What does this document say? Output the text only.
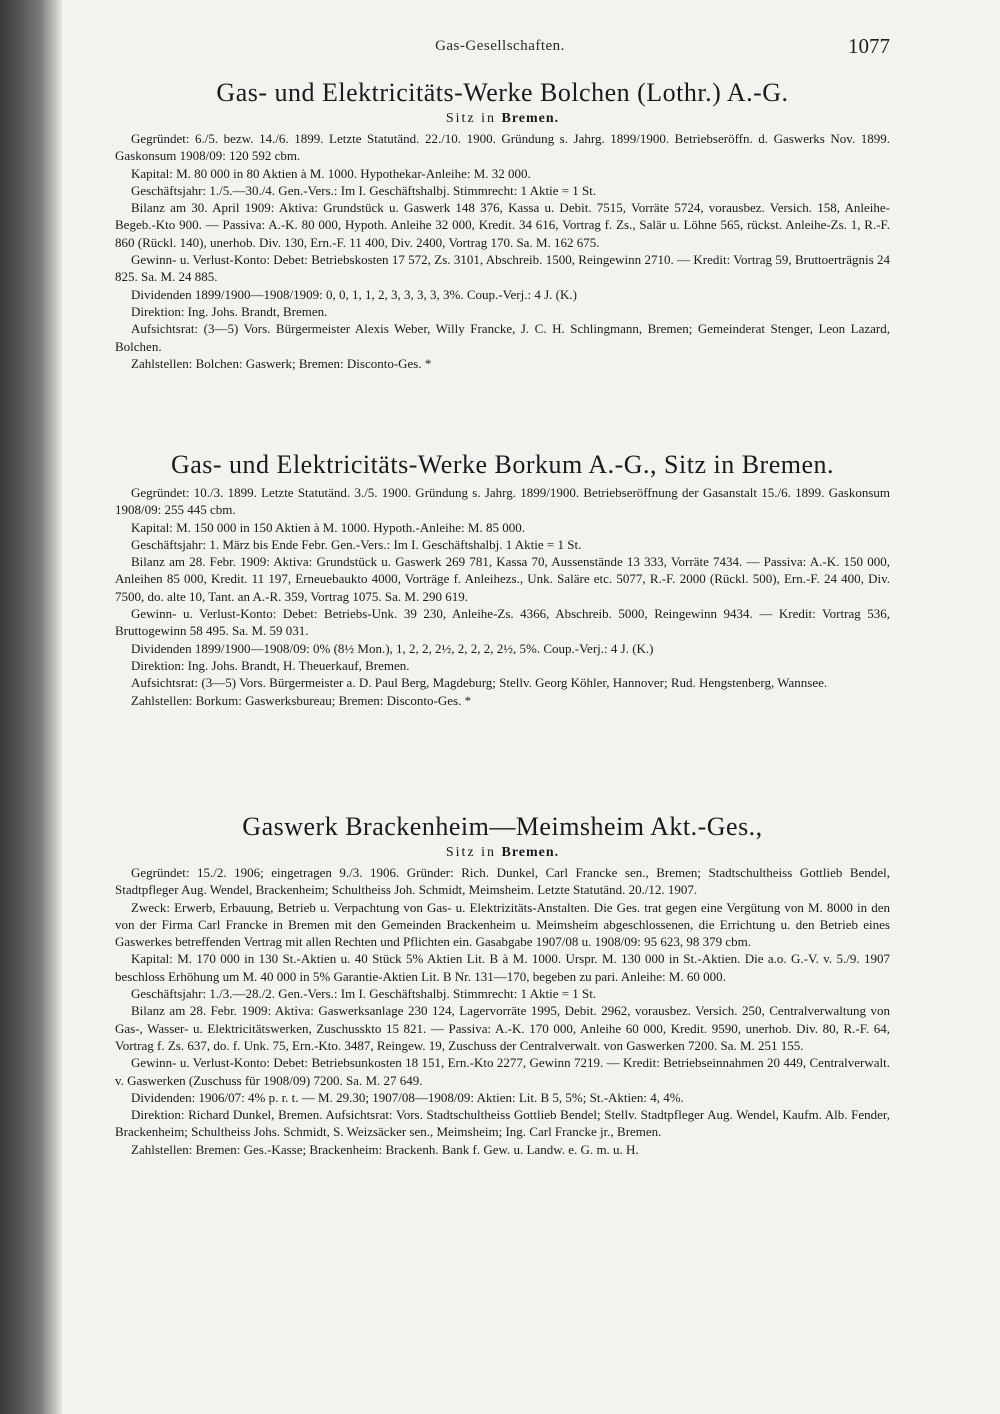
Gas-Gesellschaften.	1077
Gas- und Elektricitäts-Werke Bolchen (Lothr.) A.-G.
Sitz in Bremen.

Gegründet: 6./5. bezw. 14./6. 1899. Letzte Statutänd. 22./10. 1900. Gründung s. Jahrg. 1899/1900. Betriebseröffn. d. Gaswerks Nov. 1899. Gaskonsum 1908/09: 120 592 cbm.

Kapital: M. 80 000 in 80 Aktien à M. 1000. Hypothekar-Anleihe: M. 32 000.

Geschäftsjahr: 1./5.—30./4. Gen.-Vers.: Im I. Geschäftshalbj. Stimmrecht: 1 Aktie = 1 St.

Bilanz am 30. April 1909: Aktiva: Grundstück u. Gaswerk 148 376, Kassa u. Debit. 7515, Vorräte 5724, vorausbez. Versich. 158, Anleihe-Begeb.-Kto 900. — Passiva: A.-K. 80 000, Hypoth. Anleihe 32 000, Kredit. 34 616, Vortrag f. Zs., Salär u. Löhne 565, rückst. Anleihe-Zs. 1, R.-F. 860 (Rückl. 140), unerhob. Div. 130, Ern.-F. 11 400, Div. 2400, Vortrag 170. Sa. M. 162 675.

Gewinn- u. Verlust-Konto: Debet: Betriebskosten 17 572, Zs. 3101, Abschreib. 1500, Reingewinn 2710. — Kredit: Vortrag 59, Bruttoerträgnis 24 825. Sa. M. 24 885.

Dividenden 1899/1900—1908/1909: 0, 0, 1, 1, 2, 3, 3, 3, 3, 3%. Coup.-Verj.: 4 J. (K.)

Direktion: Ing. Johs. Brandt, Bremen.

Aufsichtsrat: (3—5) Vors. Bürgermeister Alexis Weber, Willy Francke, J. C. H. Schlingmann, Bremen; Gemeinderat Stenger, Leon Lazard, Bolchen.

Zahlstellen: Bolchen: Gaswerk; Bremen: Disconto-Ges. *

Gas- und Elektricitäts-Werke Borkum A.-G., Sitz in Bremen.

Gegründet: 10./3. 1899. Letzte Statutänd. 3./5. 1900. Gründung s. Jahrg. 1899/1900. Betriebseröffnung der Gasanstalt 15./6. 1899. Gaskonsum 1908/09: 255 445 cbm.

Kapital: M. 150 000 in 150 Aktien à M. 1000. Hypoth.-Anleihe: M. 85 000.

Geschäftsjahr: 1. März bis Ende Febr. Gen.-Vers.: Im I. Geschäftshalbj. 1 Aktie = 1 St.

Bilanz am 28. Febr. 1909: Aktiva: Grundstück u. Gaswerk 269 781, Kassa 70, Aussenstände 13 333, Vorräte 7434. — Passiva: A.-K. 150 000, Anleihen 85 000, Kredit. 11 197, Erneuebaukto 4000, Vorträge f. Anleihezs., Unk. Saläre etc. 5077, R.-F. 2000 (Rückl. 500), Ern.-F. 24 400, Div. 7500, do. alte 10, Tant. an A.-R. 359, Vortrag 1075. Sa. M. 290 619.

Gewinn- u. Verlust-Konto: Debet: Betriebs-Unk. 39 230, Anleihe-Zs. 4366, Abschreib. 5000, Reingewinn 9434. — Kredit: Vortrag 536, Bruttogewinn 58 495. Sa. M. 59 031.

Dividenden 1899/1900—1908/09: 0% (8½ Mon.), 1, 2, 2, 2½, 2, 2, 2, 2½, 5%. Coup.-Verj.: 4 J. (K.)

Direktion: Ing. Johs. Brandt, H. Theuerkauf, Bremen.

Aufsichtsrat: (3—5) Vors. Bürgermeister a. D. Paul Berg, Magdeburg; Stellv. Georg Köhler, Hannover; Rud. Hengstenberg, Wannsee.

Zahlstellen: Borkum: Gaswerksbureau; Bremen: Disconto-Ges. *

Gaswerk Brackenheim—Meimsheim Akt.-Ges.,
Sitz in Bremen.

Gegründet: 15./2. 1906; eingetragen 9./3. 1906. Gründer: Rich. Dunkel, Carl Francke sen., Bremen; Stadtschultheiss Gottlieb Bendel, Stadtpfleger Aug. Wendel, Brackenheim; Schultheiss Joh. Schmidt, Meimsheim. Letzte Statutänd. 20./12. 1907.

Zweck: Erwerb, Erbauung, Betrieb u. Verpachtung von Gas- u. Elektrizitäts-Anstalten. Die Ges. trat gegen eine Vergütung von M. 8000 in den von der Firma Carl Francke in Bremen mit den Gemeinden Brackenheim u. Meimsheim abgeschlossenen, die Errichtung u. den Betrieb eines Gaswerkes betreffenden Vertrag mit allen Rechten und Pflichten ein. Gasabgabe 1907/08 u. 1908/09: 95 623, 98 379 cbm.

Kapital: M. 170 000 in 130 St.-Aktien u. 40 Stück 5% Aktien Lit. B à M. 1000. Urspr. M. 130 000 in St.-Aktien. Die a.o. G.-V. v. 5./9. 1907 beschloss Erhöhung um M. 40 000 in 5% Garantie-Aktien Lit. B Nr. 131—170, begeben zu pari. Anleihe: M. 60 000.

Geschäftsjahr: 1./3.—28./2. Gen.-Vers.: Im I. Geschäftshalbj. Stimmrecht: 1 Aktie = 1 St.

Bilanz am 28. Febr. 1909: Aktiva: Gaswerksanlage 230 124, Lagervorräte 1995, Debit. 2962, vorausbez. Versich. 250, Centralverwaltung von Gas-, Wasser- u. Elektricitätswerken, Zuschusskto 15 821. — Passiva: A.-K. 170 000, Anleihe 60 000, Kredit. 9590, unerhob. Div. 80, R.-F. 64, Vortrag f. Zs. 637, do. f. Unk. 75, Ern.-Kto. 3487, Reingew. 19, Zuschuss der Centralverwalt. von Gaswerken 7200. Sa. M. 251 155.

Gewinn- u. Verlust-Konto: Debet: Betriebsunkosten 18 151, Ern.-Kto 2277, Gewinn 7219. — Kredit: Betriebseinnahmen 20 449, Centralverwalt. v. Gaswerken (Zuschuss für 1908/09) 7200. Sa. M. 27 649.

Dividenden: 1906/07: 4% p. r. t. — M. 29.30; 1907/08—1908/09: Aktien: Lit. B 5, 5%; St.-Aktien: 4, 4%.

Direktion: Richard Dunkel, Bremen. Aufsichtsrat: Vors. Stadtschultheiss Gottlieb Bendel; Stellv. Stadtpfleger Aug. Wendel, Kaufm. Alb. Fender, Brackenheim; Schultheiss Johs. Schmidt, S. Weizsäcker sen., Meimsheim; Ing. Carl Francke jr., Bremen.

Zahlstellen: Bremen: Ges.-Kasse; Brackenheim: Brackenh. Bank f. Gew. u. Landw. e. G. m. u. H.
